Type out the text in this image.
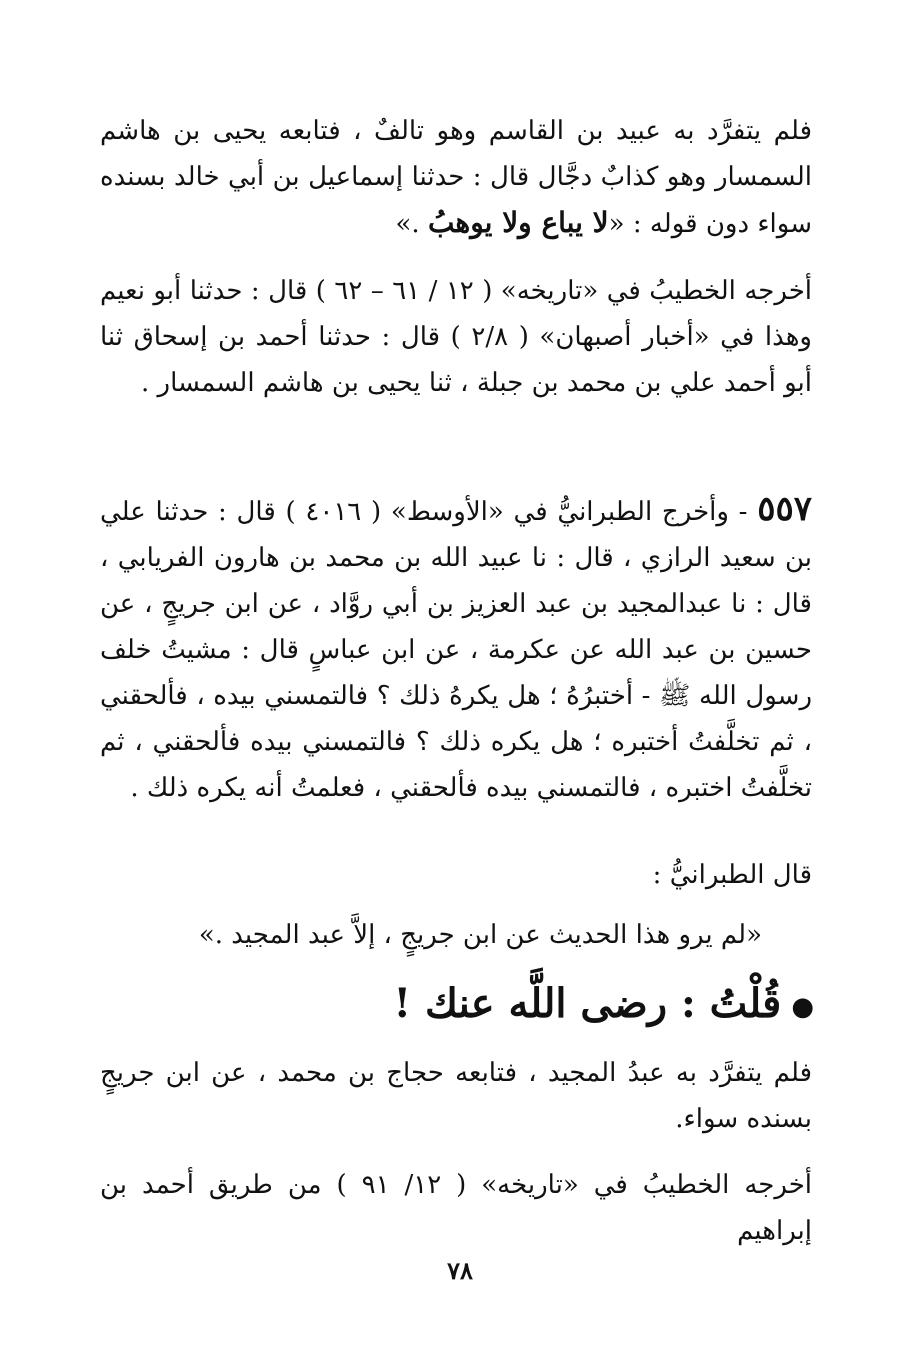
فلم يتفرَّد به عبيد بن القاسم وهو تالفٌ ، فتابعه يحيى بن هاشم السمسار وهو كذابٌ دجَّال قال : حدثنا إسماعيل بن أبي خالد بسنده سواء دون قوله : «لا يباع ولا يوهبُ .»

أخرجه الخطيبُ في «تاريخه» ( ١٢ / ٦١ – ٦٢ ) قال : حدثنا أبو نعيم وهذا في «أخبار أصبهان» ( ٢/٨ ) قال : حدثنا أحمد بن إسحاق ثنا أبو أحمد علي بن محمد بن جبلة ، ثنا يحيى بن هاشم السمسار .

٥٥٧ - وأخرج الطبرانيُّ في «الأوسط» ( ٤٠١٦ ) قال : حدثنا علي بن سعيد الرازي ، قال : نا عبيد الله بن محمد بن هارون الفريابي ، قال : نا عبدالمجيد بن عبد العزيز بن أبي روَّاد ، عن ابن جريجٍ ، عن حسين بن عبد الله عن عكرمة ، عن ابن عباسٍ قال : مشيتُ خلف رسول الله ﷺ - أختبرُهُ ؛ هل يكرهُ ذلك ؟ فالتمسني بيده ، فألحقني ، ثم تخلَّفتُ أختبره ؛ هل يكره ذلك ؟ فالتمسني بيده فألحقني ، ثم تخلَّفتُ اختبره ، فالتمسني بيده فألحقني ، فعلمتُ أنه يكره ذلك .

قال الطبرانيُّ :

«لم يرو هذا الحديث عن ابن جريجٍ ، إلاَّ عبد المجيد .»

●قُلْتُ : رضى اللَّه عنك !

فلم يتفرَّد به عبدُ المجيد ، فتابعه حجاج بن محمد ، عن ابن جريجٍ بسنده سواء.

أخرجه الخطيبُ في «تاريخه» ( ١٢/ ٩١ ) من طريق أحمد بن إبراهيم

٧٨
